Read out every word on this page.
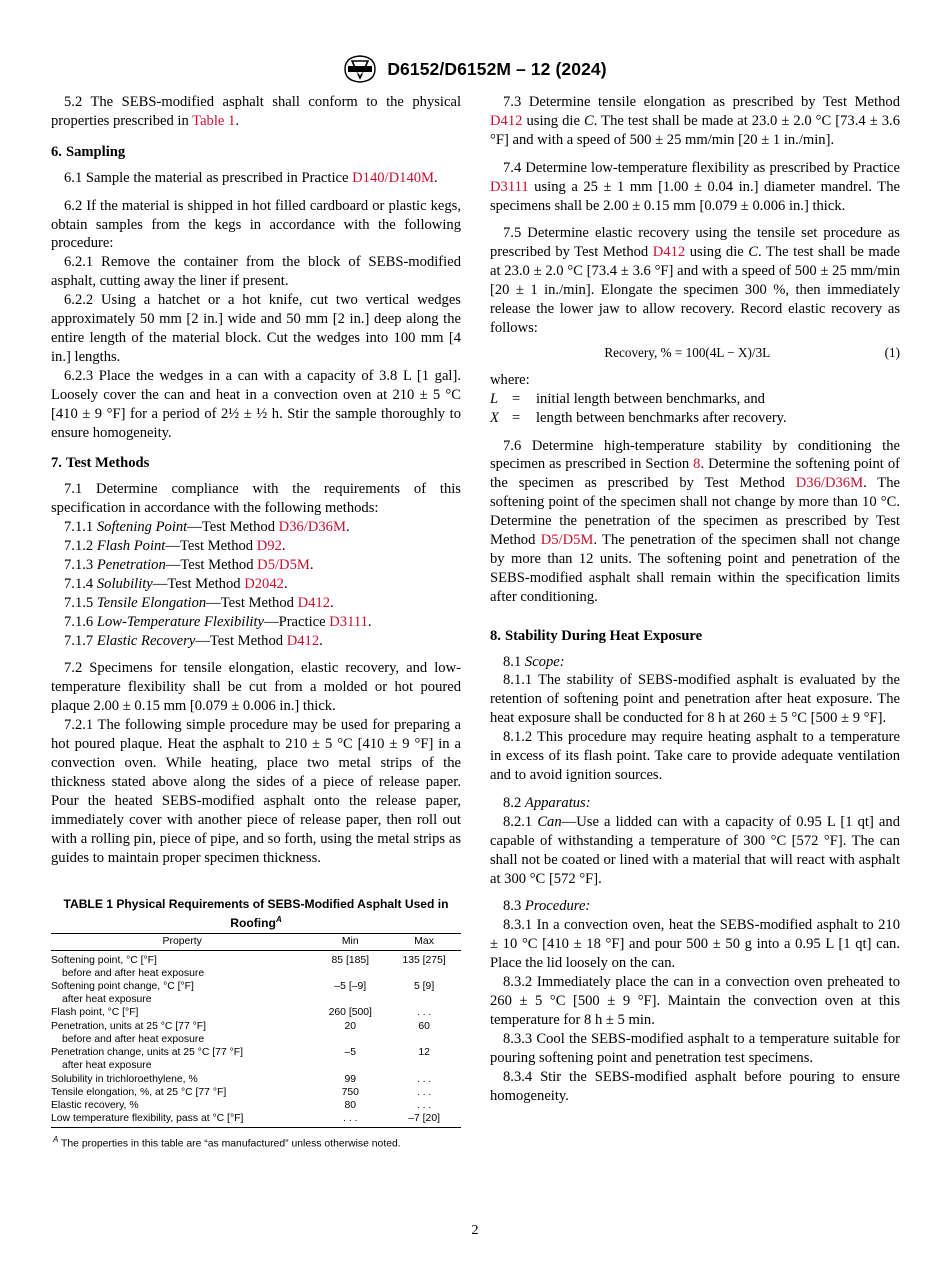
D6152/D6152M – 12 (2024)

5.2 The SEBS-modified asphalt shall conform to the physical properties prescribed in Table 1.

6. Sampling

6.1 Sample the material as prescribed in Practice D140/D140M.

6.2 If the material is shipped in hot filled cardboard or plastic kegs, obtain samples from the kegs in accordance with the following procedure:

6.2.1 Remove the container from the block of SEBS-modified asphalt, cutting away the liner if present.

6.2.2 Using a hatchet or a hot knife, cut two vertical wedges approximately 50 mm [2 in.] wide and 50 mm [2 in.] deep along the entire length of the material block. Cut the wedges into 100 mm [4 in.] lengths.

6.2.3 Place the wedges in a can with a capacity of 3.8 L [1 gal]. Loosely cover the can and heat in a convection oven at 210 ± 5 °C [410 ± 9 °F] for a period of 2½ ± ½ h. Stir the sample thoroughly to ensure homogeneity.

7. Test Methods

7.1 Determine compliance with the requirements of this specification in accordance with the following methods:

7.1.1 Softening Point—Test Method D36/D36M.

7.1.2 Flash Point—Test Method D92.

7.1.3 Penetration—Test Method D5/D5M.

7.1.4 Solubility—Test Method D2042.

7.1.5 Tensile Elongation—Test Method D412.

7.1.6 Low-Temperature Flexibility—Practice D3111.

7.1.7 Elastic Recovery—Test Method D412.

7.2 Specimens for tensile elongation, elastic recovery, and low-temperature flexibility shall be cut from a molded or hot poured plaque 2.00 ± 0.15 mm [0.079 ± 0.006 in.] thick.

7.2.1 The following simple procedure may be used for preparing a hot poured plaque. Heat the asphalt to 210 ± 5 °C [410 ± 9 °F] in a convection oven. While heating, place two metal strips of the thickness stated above along the sides of a piece of release paper. Pour the heated SEBS-modified asphalt onto the release paper, immediately cover with another piece of release paper, then roll out with a rolling pin, piece of pipe, and so forth, using the metal strips as guides to maintain proper specimen thickness.

TABLE 1 Physical Requirements of SEBS-Modified Asphalt Used in Roofing$^A$
Property	Min	Max

Softening point, °C [°F]
before and after heat exposure	85 [185]	135 [275]

Softening point change, °C [°F]
after heat exposure	–5 [–9]	5 [9]

Flash point, °C [°F]	260 [500]	. . .

Penetration, units at 25 °C [77 °F]
before and after heat exposure	20	60

Penetration change, units at 25 °C [77 °F]
after heat exposure	–5	12

Solubility in trichloroethylene, %	99	. . .

Tensile elongation, %, at 25 °C [77 °F]	750	. . .

Elastic recovery, %	80	. . .

Low temperature flexibility, pass at °C [°F]	. . .	–7 [20]
$^A$ The properties in this table are “as manufactured” unless otherwise noted.

7.3 Determine tensile elongation as prescribed by Test Method D412 using die C. The test shall be made at 23.0 ± 2.0 °C [73.4 ± 3.6 °F] and with a speed of 500 ± 25 mm/min [20 ± 1 in./min].

7.4 Determine low-temperature flexibility as prescribed by Practice D3111 using a 25 ± 1 mm [1.00 ± 0.04 in.] diameter mandrel. The specimens shall be 2.00 ± 0.15 mm [0.079 ± 0.006 in.] thick.

7.5 Determine elastic recovery using the tensile set procedure as prescribed by Test Method D412 using die C. The test shall be made at 23.0 ± 2.0 °C [73.4 ± 3.6 °F] and with a speed of 500 ± 25 mm/min [20 ± 1 in./min]. Elongate the specimen 300 %, then immediately release the lower jaw to allow recovery. Record elastic recovery as follows:

Recovery, % = 100(4L − X)/3L	(1)

where:

L =	initial length between benchmarks, and
X =	length between benchmarks after recovery.

7.6 Determine high-temperature stability by conditioning the specimen as prescribed in Section 8. Determine the softening point of the specimen as prescribed by Test Method D36/D36M. The softening point of the specimen shall not change by more than 10 °C. Determine the penetration of the specimen as prescribed by Test Method D5/D5M. The penetration of the specimen shall not change by more than 12 units. The softening point and penetration of the SEBS-modified asphalt shall remain within the specification limits after conditioning.

8. Stability During Heat Exposure

8.1 Scope:

8.1.1 The stability of SEBS-modified asphalt is evaluated by the retention of softening point and penetration after heat exposure. The heat exposure shall be conducted for 8 h at 260 ± 5 °C [500 ± 9 °F].

8.1.2 This procedure may require heating asphalt to a temperature in excess of its flash point. Take care to provide adequate ventilation and to avoid ignition sources.

8.2 Apparatus:

8.2.1 Can—Use a lidded can with a capacity of 0.95 L [1 qt] and capable of withstanding a temperature of 300 °C [572 °F]. The can shall not be coated or lined with a material that will react with asphalt at 300 °C [572 °F].

8.3 Procedure:

8.3.1 In a convection oven, heat the SEBS-modified asphalt to 210 ± 10 °C [410 ± 18 °F] and pour 500 ± 50 g into a 0.95 L [1 qt] can. Place the lid loosely on the can.

8.3.2 Immediately place the can in a convection oven preheated to 260 ± 5 °C [500 ± 9 °F]. Maintain the convection oven at this temperature for 8 h ± 5 min.

8.3.3 Cool the SEBS-modified asphalt to a temperature suitable for pouring softening point and penetration test specimens.

8.3.4 Stir the SEBS-modified asphalt before pouring to ensure homogeneity.

2
